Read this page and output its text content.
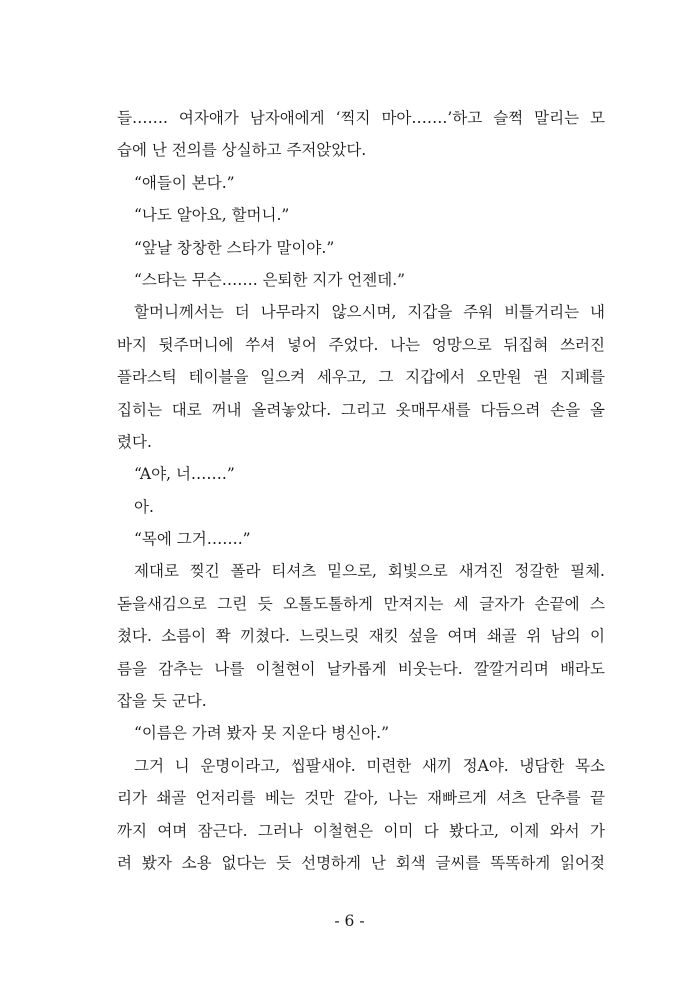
들……. 여자애가 남자애에게 ‘찍지 마아…….’하고 슬쩍 말리는 모
습에 난 전의를 상실하고 주저앉았다.
“애들이 본다.”
“나도 알아요, 할머니.”
“앞날 창창한 스타가 말이야.”
“스타는 무슨……. 은퇴한 지가 언젠데.”
할머니께서는 더 나무라지 않으시며, 지갑을 주워 비틀거리는 내
바지 뒷주머니에 쑤셔 넣어 주었다. 나는 엉망으로 뒤집혀 쓰러진
플라스틱 테이블을 일으켜 세우고, 그 지갑에서 오만원 권 지폐를
집히는 대로 꺼내 올려놓았다. 그리고 옷매무새를 다듬으려 손을 올
렸다.
“A야, 너…….”
아.
“목에 그거…….”
제대로 찢긴 폴라 티셔츠 밑으로, 회빛으로 새겨진 정갈한 필체.
돋을새김으로 그린 듯 오톨도톨하게 만져지는 세 글자가 손끝에 스
쳤다. 소름이 쫙 끼쳤다. 느릿느릿 재킷 섶을 여며 쇄골 위 남의 이
름을 감추는 나를 이철현이 날카롭게 비웃는다. 깔깔거리며 배라도
잡을 듯 군다.
“이름은 가려 봤자 못 지운다 병신아.”
그거 니 운명이라고, 씹팔새야. 미련한 새끼 정A야. 냉담한 목소
리가 쇄골 언저리를 베는 것만 같아, 나는 재빠르게 셔츠 단추를 끝
까지 여며 잠근다. 그러나 이철현은 이미 다 봤다고, 이제 와서 가
려 봤자 소용 없다는 듯 선명하게 난 회색 글씨를 똑똑하게 읽어젖
- 6 -
